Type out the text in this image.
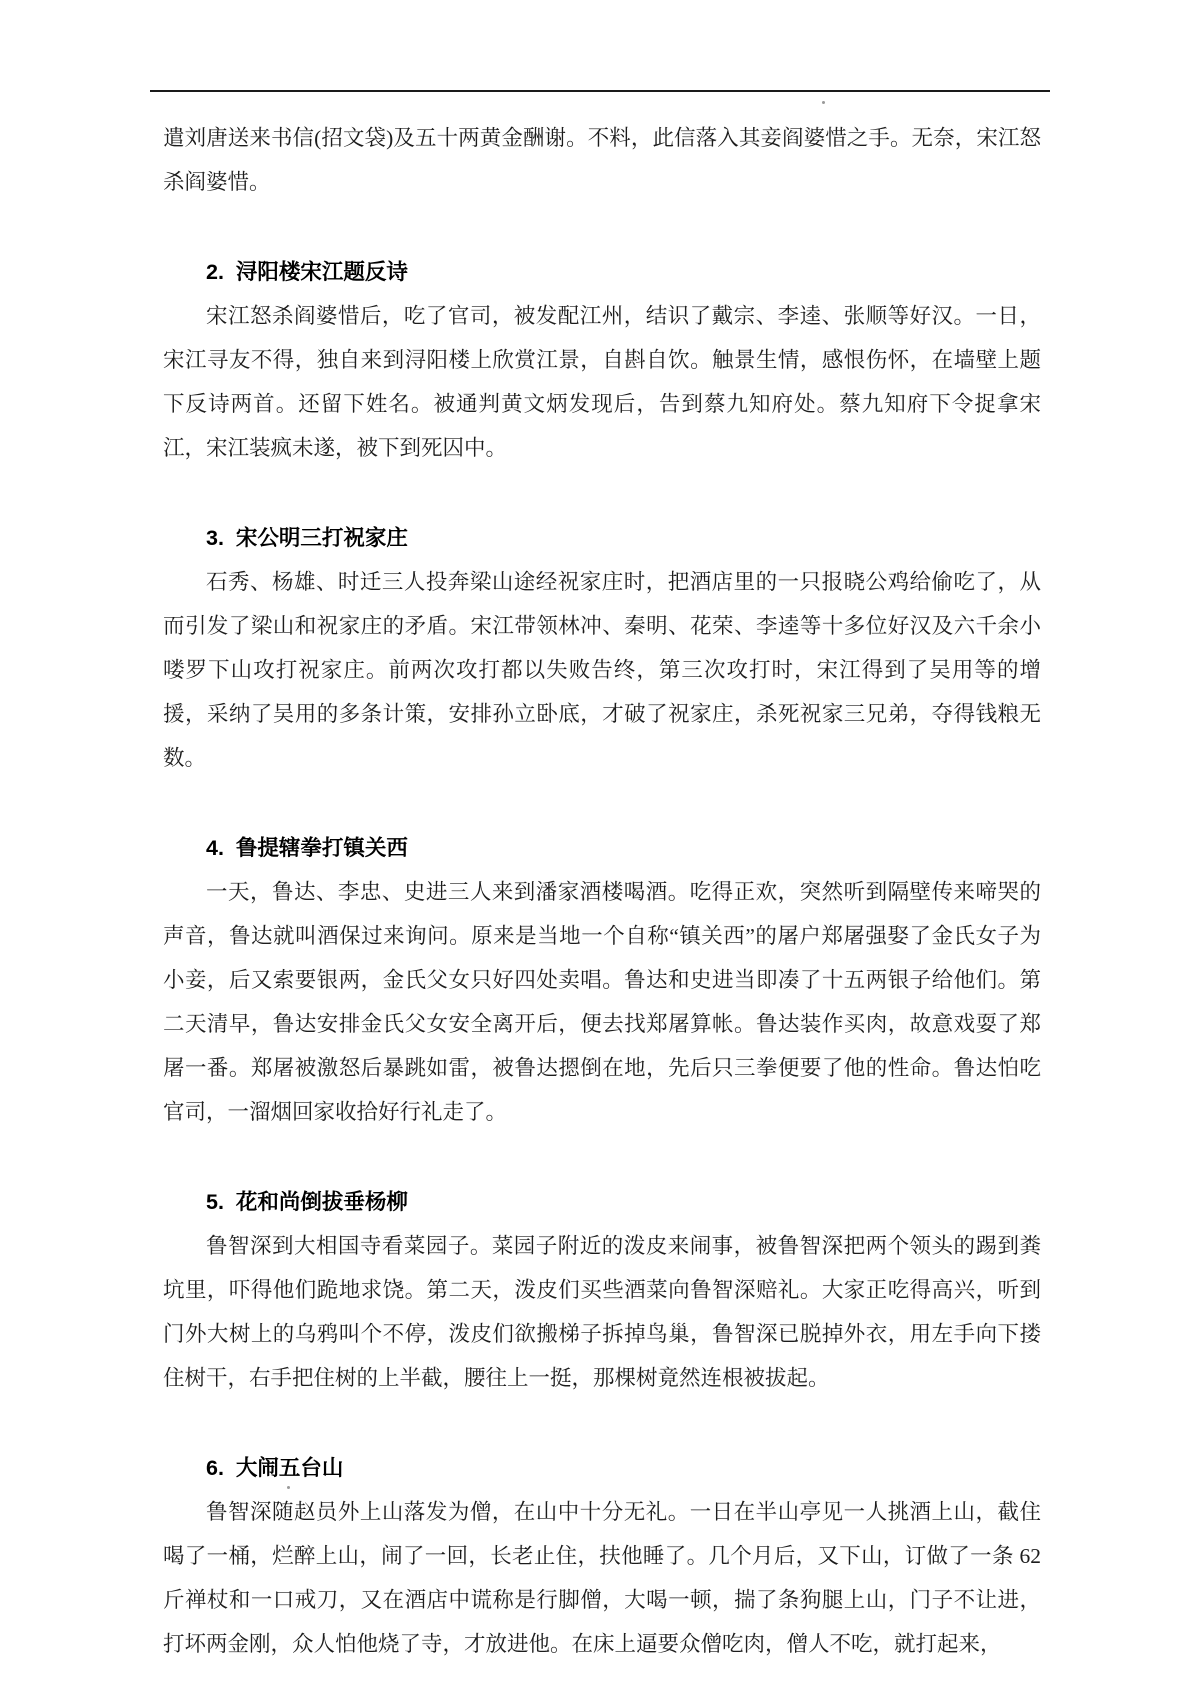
遣刘唐送来书信(招文袋)及五十两黄金酬谢。不料，此信落入其妾阎婆惜之手。无奈，宋江怒杀阎婆惜。

2.  浔阳楼宋江题反诗

宋江怒杀阎婆惜后，吃了官司，被发配江州，结识了戴宗、李逵、张顺等好汉。一日，宋江寻友不得，独自来到浔阳楼上欣赏江景，自斟自饮。触景生情，感恨伤怀，在墙壁上题下反诗两首。还留下姓名。被通判黄文炳发现后，告到蔡九知府处。蔡九知府下令捉拿宋江，宋江装疯未遂，被下到死囚中。

3.  宋公明三打祝家庄

石秀、杨雄、时迁三人投奔梁山途经祝家庄时，把酒店里的一只报晓公鸡给偷吃了，从而引发了梁山和祝家庄的矛盾。宋江带领林冲、秦明、花荣、李逵等十多位好汉及六千余小喽罗下山攻打祝家庄。前两次攻打都以失败告终，第三次攻打时，宋江得到了吴用等的增援，采纳了吴用的多条计策，安排孙立卧底，才破了祝家庄，杀死祝家三兄弟，夺得钱粮无数。

4.  鲁提辖拳打镇关西

一天，鲁达、李忠、史进三人来到潘家酒楼喝酒。吃得正欢，突然听到隔壁传来啼哭的声音，鲁达就叫酒保过来询问。原来是当地一个自称“镇关西”的屠户郑屠强娶了金氏女子为小妾，后又索要银两，金氏父女只好四处卖唱。鲁达和史进当即凑了十五两银子给他们。第二天清早，鲁达安排金氏父女安全离开后，便去找郑屠算帐。鲁达装作买肉，故意戏耍了郑屠一番。郑屠被激怒后暴跳如雷，被鲁达摁倒在地，先后只三拳便要了他的性命。鲁达怕吃官司，一溜烟回家收拾好行礼走了。

5.  花和尚倒拔垂杨柳

鲁智深到大相国寺看菜园子。菜园子附近的泼皮来闹事，被鲁智深把两个领头的踢到粪坑里，吓得他们跪地求饶。第二天，泼皮们买些酒菜向鲁智深赔礼。大家正吃得高兴，听到门外大树上的乌鸦叫个不停，泼皮们欲搬梯子拆掉鸟巢，鲁智深已脱掉外衣，用左手向下搂住树干，右手把住树的上半截，腰往上一挺，那棵树竟然连根被拔起。

6.  大闹五台山

鲁智深随赵员外上山落发为僧，在山中十分无礼。一日在半山亭见一人挑酒上山，截住喝了一桶，烂醉上山，闹了一回，长老止住，扶他睡了。几个月后，又下山，订做了一条 62 斤禅杖和一口戒刀，又在酒店中谎称是行脚僧，大喝一顿，揣了条狗腿上山，门子不让进，打坏两金刚，众人怕他烧了寺，才放进他。在床上逼要众僧吃肉，僧人不吃，就打起来，
